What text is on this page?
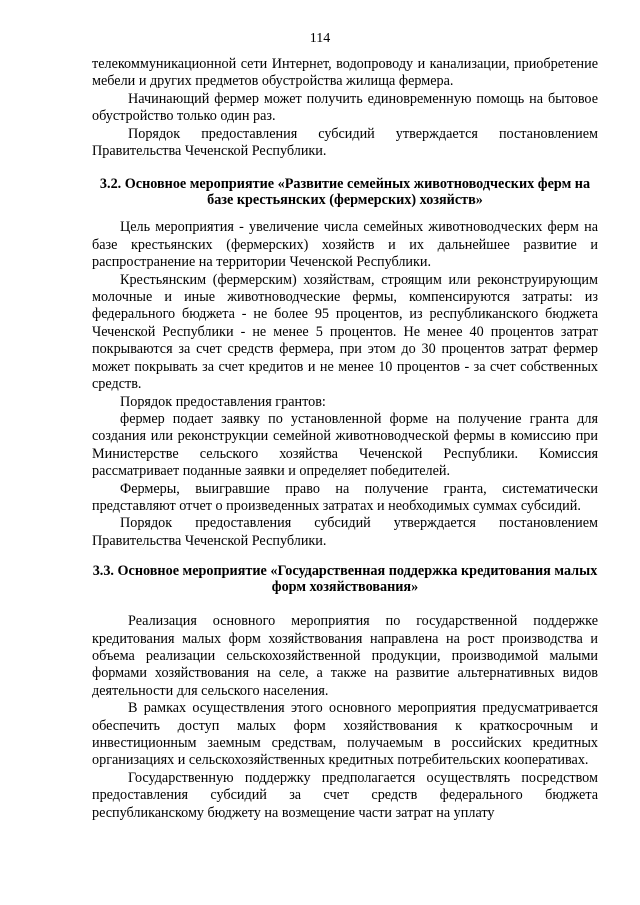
114

телекоммуникационной сети Интернет, водопроводу и канализации, приобретение мебели и других предметов обустройства жилища фермера.

Начинающий фермер может получить единовременную помощь на бытовое обустройство только один раз.

Порядок предоставления субсидий утверждается постановлением Правительства Чеченской Республики.

3.2. Основное мероприятие «Развитие семейных животноводческих ферм на базе крестьянских (фермерских) хозяйств»

Цель мероприятия - увеличение числа семейных животноводческих ферм на базе крестьянских (фермерских) хозяйств и их дальнейшее развитие и распространение на территории Чеченской Республики.

Крестьянским (фермерским) хозяйствам, строящим или реконструирующим молочные и иные животноводческие фермы, компенсируются затраты: из федерального бюджета - не более 95 процентов, из республиканского бюджета Чеченской Республики - не менее 5 процентов. Не менее 40 процентов затрат покрываются за счет средств фермера, при этом до 30 процентов затрат фермер может покрывать за счет кредитов и не менее 10 процентов - за счет собственных средств.

Порядок предоставления грантов:

фермер подает заявку по установленной форме на получение гранта для создания или реконструкции семейной животноводческой фермы в комиссию при Министерстве сельского хозяйства Чеченской Республики. Комиссия рассматривает поданные заявки и определяет победителей.

Фермеры, выигравшие право на получение гранта, систематически представляют отчет о произведенных затратах и необходимых суммах субсидий.

Порядок предоставления субсидий утверждается постановлением Правительства Чеченской Республики.

3.3. Основное мероприятие «Государственная поддержка кредитования малых форм хозяйствования»

Реализация основного мероприятия по государственной поддержке кредитования малых форм хозяйствования направлена на рост производства и объема реализации сельскохозяйственной продукции, производимой малыми формами хозяйствования на селе, а также на развитие альтернативных видов деятельности для сельского населения.

В рамках осуществления этого основного мероприятия предусматривается обеспечить доступ малых форм хозяйствования к краткосрочным и инвестиционным заемным средствам, получаемым в российских кредитных организациях и сельскохозяйственных кредитных потребительских кооперативах.

Государственную поддержку предполагается осуществлять посредством предоставления субсидий за счет средств федерального бюджета республиканскому бюджету на возмещение части затрат на уплату
